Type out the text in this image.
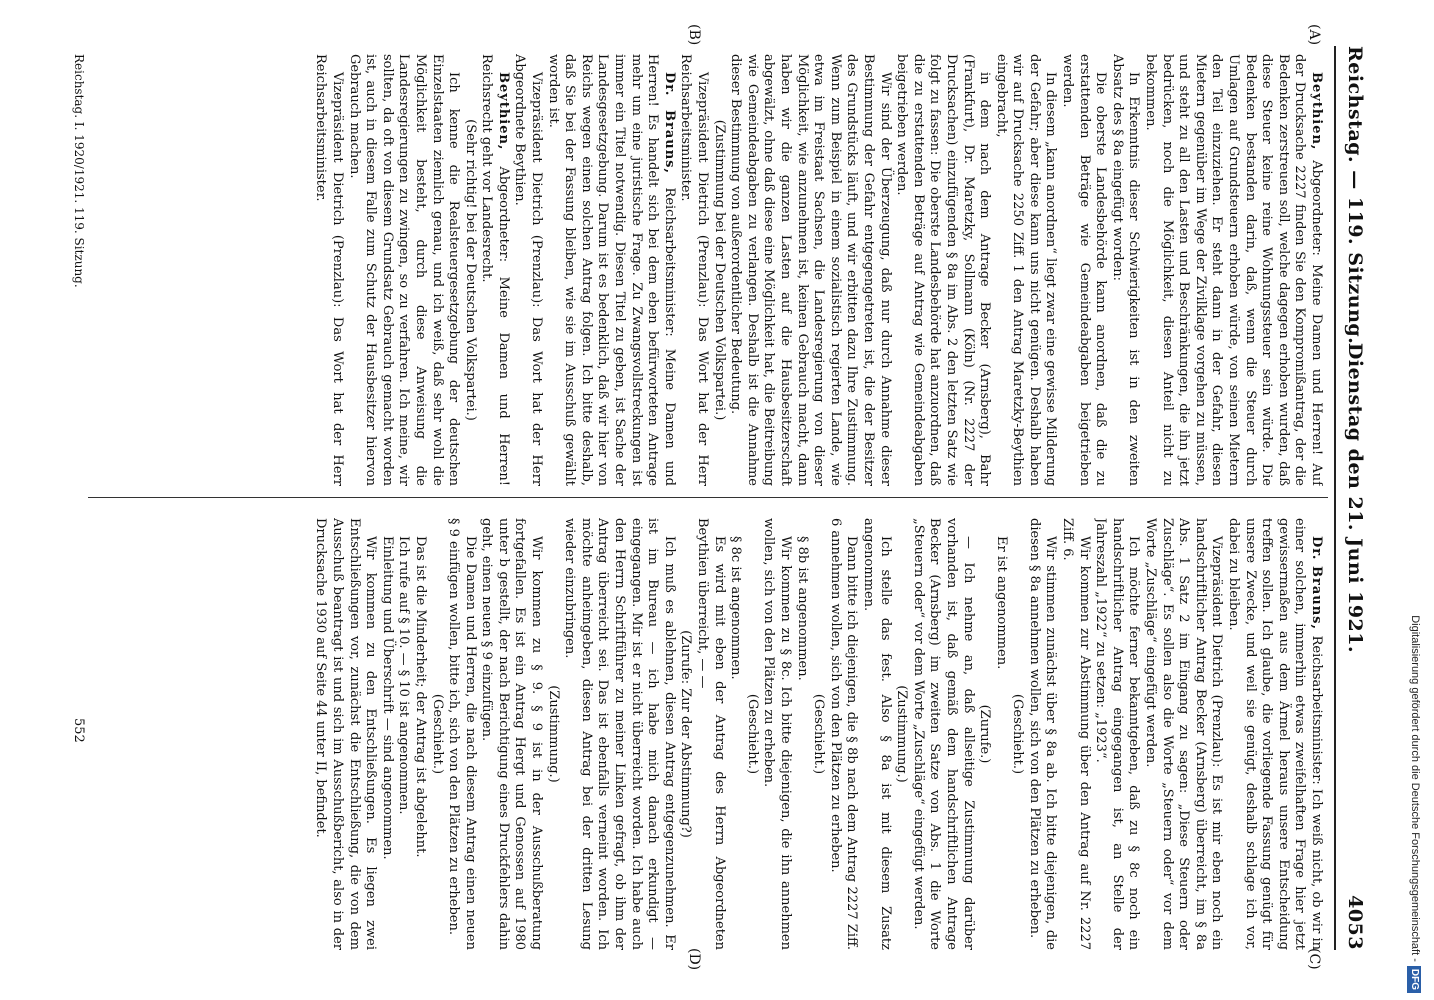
Reichstag. — 119. Sitzung.
Dienstag den 21. Juni 1921.
4053
(A)
(B)
(C)
(D)

Beythien, Abgeordneter: Meine Damen und Herren! Auf der Drucksache 2227 finden Sie den Kompromißantrag, der die Bedenken zerstreuen soll, welche dagegen erhoben wurden, daß diese Steuer keine reine Wohnungssteuer sein würde. Die Bedenken bestanden darin, daß, wenn die Steuer durch Umlagen auf Grundsteuern erhoben würde, von seinen Mietern den Teil einzuziehen. Er steht dann in der Gefahr, diesen Mietern gegenüber im Wege der Zivilklage vorgehen zu müssen, und steht zu all den Lasten und Beschränkungen, die ihn jetzt bedrücken, noch die Möglichkeit, diesen Anteil nicht zu bekommen.

In Erkenntnis dieser Schwierigkeiten ist in den zweiten Absatz des § 8a eingefügt worden:

Die oberste Landesbehörde kann anordnen, daß die zu erstattenden Beträge wie Gemeindeabgaben beigetrieben werden.

In diesem „kann anordnen“ liegt zwar eine gewisse Milderung der Gefahr; aber diese kann uns nicht genügen. Deshalb haben wir auf Drucksache 2250 Ziff. 1 den Antrag Maretzky-Beythien eingebracht,

in dem nach dem Antrage Becker (Arnsberg), Bahr (Frankfurt), Dr. Maretzky, Sollmann (Köln) (Nr. 2227 der Drucksachen) einzufügenden § 8a im Abs. 2 den letzten Satz wie folgt zu fassen: Die oberste Landesbehörde hat anzuordnen, daß die zu erstattenden Beträge auf Antrag wie Gemeindeabgaben beigetrieben werden.

Wir sind der Überzeugung, daß nur durch Annahme dieser Bestimmung der Gefahr entgegengetreten ist, die der Besitzer des Grundstücks läuft, und wir erbitten dazu Ihre Zustimmung. Wenn zum Beispiel in einem sozialistisch regierten Lande, wie etwa im Freistaat Sachsen, die Landesregierung von dieser Möglichkeit, wie anzunehmen ist, keinen Gebrauch macht, dann haben wir die ganzen Lasten auf die Hausbesitzerschaft abgewälzt, ohne daß diese eine Möglichkeit hat, die Beitreibung wie Gemeindeabgaben zu verlangen. Deshalb ist die Annahme dieser Bestimmung von außerordentlicher Bedeutung.

(Zustimmung bei der Deutschen Volkspartei.)

Vizepräsident Dietrich (Prenzlau): Das Wort hat der Herr Reichsarbeitsminister.

Dr. Brauns, Reichsarbeitsminister: Meine Damen und Herren! Es handelt sich bei dem eben befürworteten Antrage mehr um eine juristische Frage. Zu Zwangsvollstreckungen ist immer ein Titel notwendig. Diesen Titel zu geben, ist Sache der Landesgesetzgebung. Darum ist es bedenklich, daß wir hier von Reichs wegen einen solchen Antrag folgen. Ich bitte deshalb, daß Sie bei der Fassung bleiben, wie sie im Ausschuß gewählt worden ist.

Vizepräsident Dietrich (Prenzlau): Das Wort hat der Herr Abgeordnete Beythien.

Beythien, Abgeordneter: Meine Damen und Herren! Reichsrecht geht vor Landesrecht.

(Sehr richtig! bei der Deutschen Volkspartei.)

Ich kenne die Realsteuergesetzgebung der deutschen Einzelstaaten ziemlich genau, und ich weiß, daß sehr wohl die Möglichkeit besteht, durch diese Anweisung die Landesregierungen zu zwingen, so zu verfahren. Ich meine, wir sollten, da oft von diesem Grundsatz Gebrauch gemacht worden ist, auch in diesem Falle zum Schutz der Hausbesitzer hiervon Gebrauch machen.

Vizepräsident Dietrich (Prenzlau): Das Wort hat der Herr Reichsarbeitsminister.

Dr. Brauns, Reichsarbeitsminister: Ich weiß nicht, ob wir in einer solchen, immerhin etwas zweifelhaften Frage hier jetzt gewissermaßen aus dem Ärmel heraus unsere Entscheidung treffen sollen. Ich glaube, die vorliegende Fassung genügt für unsere Zwecke, und weil sie genügt, deshalb schlage ich vor, dabei zu bleiben.

Vizepräsident Dietrich (Prenzlau): Es ist mir eben noch ein handschriftlicher Antrag Becker (Arnsberg) überreicht, im § 8a Abs. 1 Satz 2 im Eingang zu sagen: „Diese Steuern oder Zuschläge“. Es sollen also die Worte „Steuern oder“ vor dem Worte „Zuschläge“ eingefügt werden.

Ich möchte ferner bekanntgeben, daß zu § 8c noch ein handschriftlicher Antrag eingegangen ist, an Stelle der Jahreszahl „1922“ zu setzen: „1923“.

Wir kommen zur Abstimmung über den Antrag auf Nr. 2227 Ziff. 6.

Wir stimmen zunächst über § 8a ab. Ich bitte diejenigen, die diesen § 8a annehmen wollen, sich von den Plätzen zu erheben.

(Geschieht.)

Er ist angenommen.

(Zurufe.)

— Ich nehme an, daß allseitige Zustimmung darüber vorhanden ist, daß gemäß dem handschriftlichen Antrage Becker (Arnsberg) im zweiten Satze von Abs. 1 die Worte „Steuern oder“ vor dem Worte „Zuschläge“ eingefügt werden.

(Zustimmung.)

Ich stelle das fest. Also § 8a ist mit diesem Zusatz angenommen.

Dann bitte ich diejenigen, die § 8b nach dem Antrag 2227 Ziff. 6 annehmen wollen, sich von den Plätzen zu erheben.

(Geschieht.)

§ 8b ist angenommen.

Wir kommen zu § 8c. Ich bitte diejenigen, die ihn annehmen wollen, sich von den Plätzen zu erheben.

(Geschieht.)

§ 8c ist angenommen.

Es wird mit eben der Antrag des Herrn Abgeordneten Beythien überreicht, — —

(Zurufe: Zur der Abstimmung?)

Ich muß es ablehnen, diesen Antrag entgegenzunehmen. Er ist im Bureau — ich habe mich danach erkundigt — eingegangen. Mir ist er nicht überreicht worden. Ich habe auch den Herrn Schriftführer zu meiner Linken gefragt, ob ihm der Antrag überreicht sei. Das ist ebenfalls verneint worden. Ich möchte anheimgeben, diesen Antrag bei der dritten Lesung wieder einzubringen.

(Zustimmung.)

Wir kommen zu § 9. § 9 ist in der Ausschußberatung fortgefallen. Es ist ein Antrag Hergt und Genossen auf 1980 unter b gestellt, der nach Berichtigung eines Druckfehlers dahin geht, einen neuen § 9 einzufügen.

Die Damen und Herren, die nach diesem Antrag einen neuen § 9 einfügen wollen, bitte ich, sich von den Plätzen zu erheben.

(Geschieht.)

Das ist die Minderheit; der Antrag ist abgelehnt.

Ich rufe auf § 10. — § 10 ist angenommen.

Einleitung und Überschrift — sind angenommen.

Wir kommen zu den Entschließungen. Es liegen zwei Entschließungen vor, zunächst die Entschließung, die von dem Ausschuß beantragt ist und sich im Ausschußbericht, also in der Drucksache 1930 auf Seite 44 unter II, befindet.

Reichstag. I. 1920/1921. 119. Sitzung.
552	Digitalisierung gefördert durch die Deutsche Forschungsgemeinschaft -DFG
